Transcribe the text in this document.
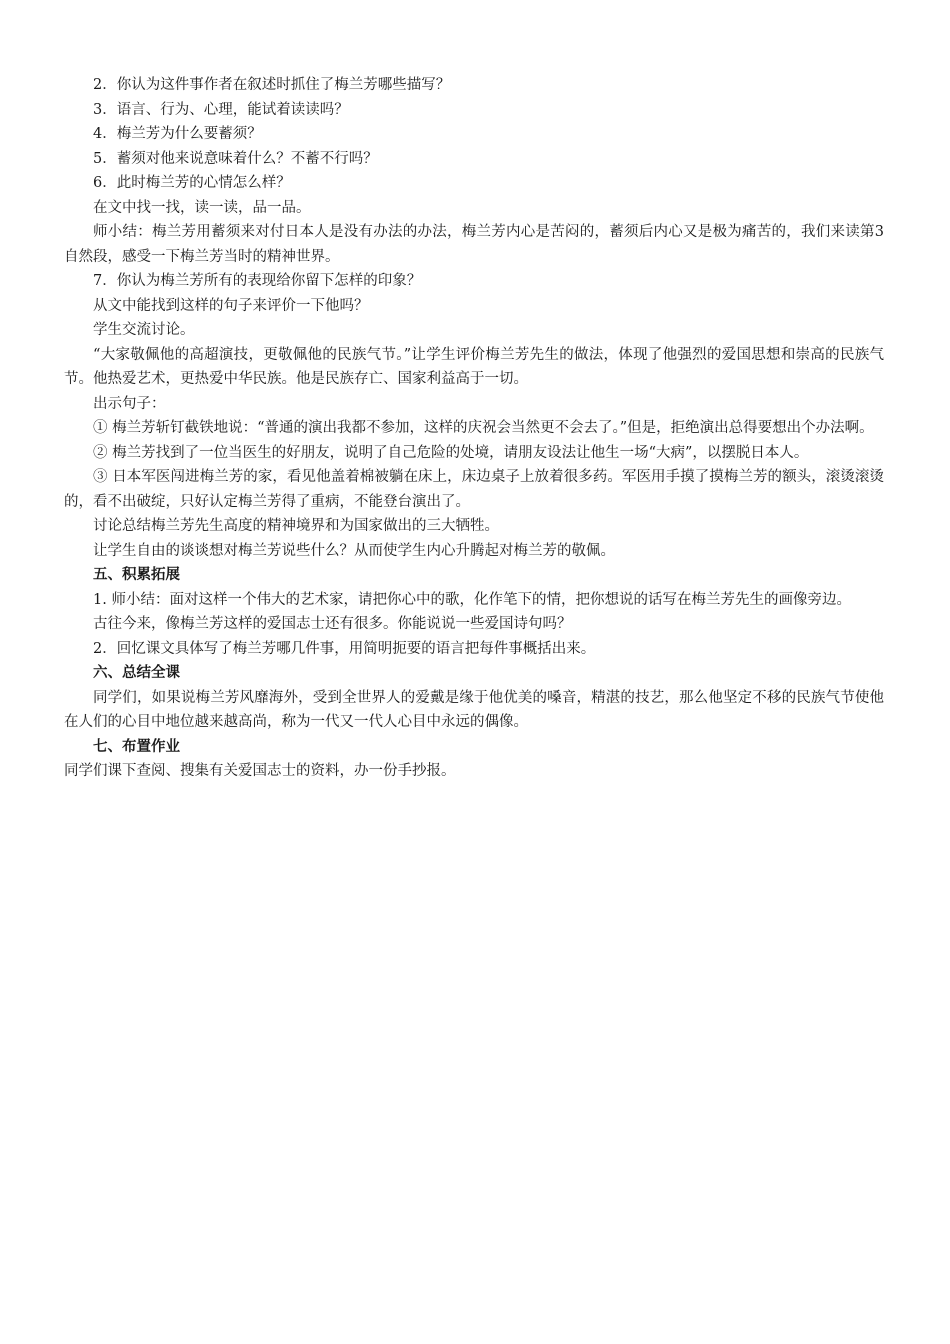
2．你认为这件事作者在叙述时抓住了梅兰芳哪些描写？

3．语言、行为、心理，能试着读读吗？

4．梅兰芳为什么要蓄须？

5．蓄须对他来说意味着什么？不蓄不行吗？

6．此时梅兰芳的心情怎么样？

在文中找一找，读一读，品一品。

师小结：梅兰芳用蓄须来对付日本人是没有办法的办法，梅兰芳内心是苦闷的，蓄须后内心又是极为痛苦的，我们来读第3自然段，感受一下梅兰芳当时的精神世界。

7．你认为梅兰芳所有的表现给你留下怎样的印象？

从文中能找到这样的句子来评价一下他吗？

学生交流讨论。

“大家敬佩他的高超演技，更敬佩他的民族气节。”让学生评价梅兰芳先生的做法，体现了他强烈的爱国思想和崇高的民族气节。他热爱艺术，更热爱中华民族。他是民族存亡、国家利益高于一切。

出示句子：

① 梅兰芳斩钉截铁地说：“普通的演出我都不参加，这样的庆祝会当然更不会去了。”但是，拒绝演出总得要想出个办法啊。

② 梅兰芳找到了一位当医生的好朋友，说明了自己危险的处境，请朋友设法让他生一场“大病”，以摆脱日本人。

③ 日本军医闯进梅兰芳的家，看见他盖着棉被躺在床上，床边桌子上放着很多药。军医用手摸了摸梅兰芳的额头，滚烫滚烫的，看不出破绽，只好认定梅兰芳得了重病，不能登台演出了。

讨论总结梅兰芳先生高度的精神境界和为国家做出的三大牺牲。

让学生自由的谈谈想对梅兰芳说些什么？从而使学生内心升腾起对梅兰芳的敬佩。

五、积累拓展

1. 师小结：面对这样一个伟大的艺术家，请把你心中的歌，化作笔下的情，把你想说的话写在梅兰芳先生的画像旁边。

古往今来，像梅兰芳这样的爱国志士还有很多。你能说说一些爱国诗句吗？

2．回忆课文具体写了梅兰芳哪几件事，用简明扼要的语言把每件事概括出来。

六、总结全课

同学们，如果说梅兰芳风靡海外，受到全世界人的爱戴是缘于他优美的嗓音，精湛的技艺，那么他坚定不移的民族气节使他在人们的心目中地位越来越高尚，称为一代又一代人心目中永远的偶像。

七、布置作业

同学们课下查阅、搜集有关爱国志士的资料，办一份手抄报。
